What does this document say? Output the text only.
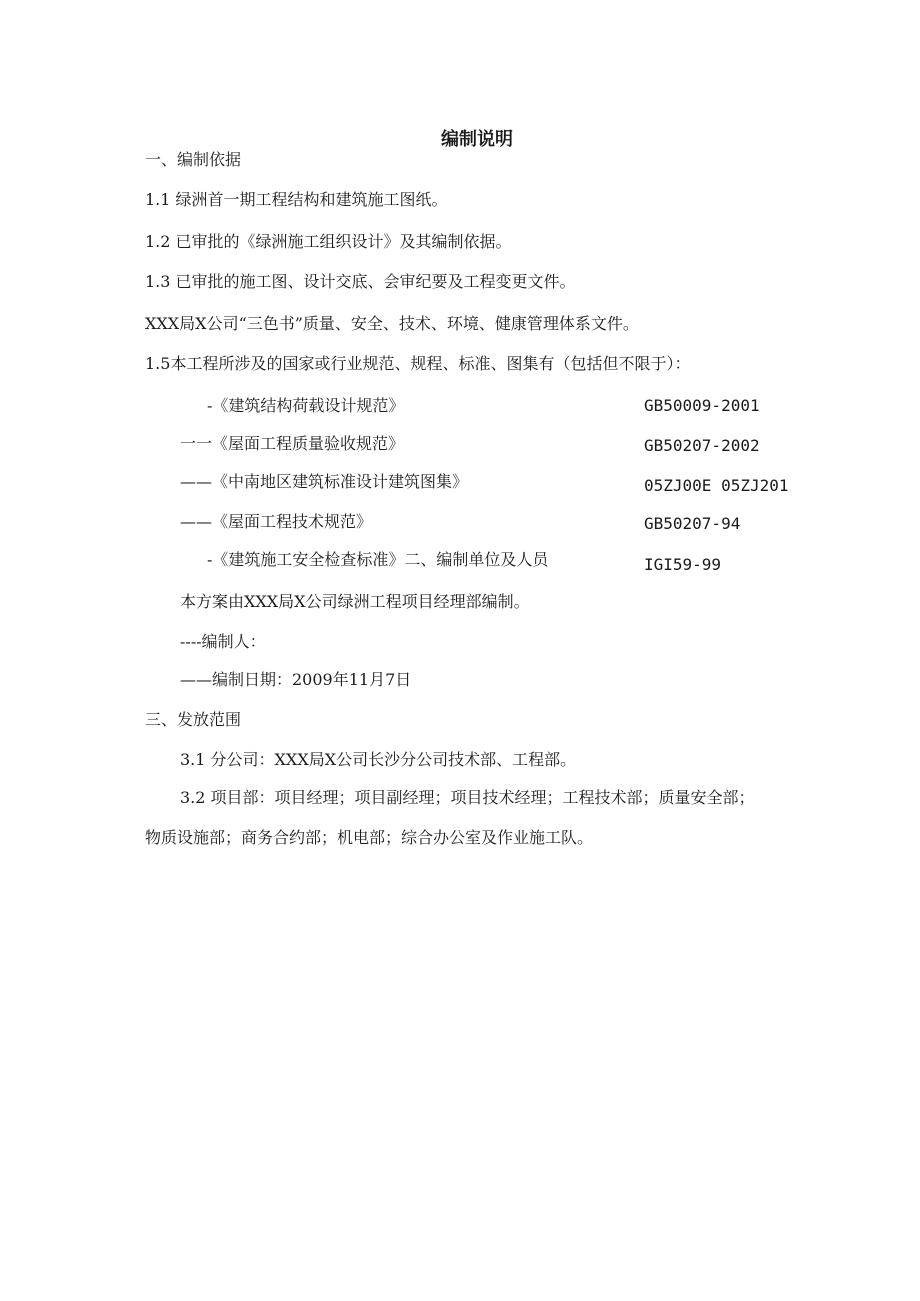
编制说明
一、编制依据
1.1 绿洲首一期工程结构和建筑施工图纸。
1.2 已审批的《绿洲施工组织设计》及其编制依据。
1.3 已审批的施工图、设计交底、会审纪要及工程变更文件。
XXX局X公司“三色书”质量、安全、技术、环境、健康管理体系文件。
1.5本工程所涉及的国家或行业规范、规程、标准、图集有（包括但不限于）：
-《建筑结构荷载设计规范》	GB50009-2001
一一《屋面工程质量验收规范》	GB50207-2002
——《中南地区建筑标准设计建筑图集》	05ZJ00E 05ZJ201
——《屋面工程技术规范》	GB50207-94
-《建筑施工安全检查标准》二、编制单位及人员	IGI59-99
本方案由XXX局X公司绿洲工程项目经理部编制。
----编制人：
——编制日期：2009年11月7日
三、发放范围
3.1 分公司：XXX局X公司长沙分公司技术部、工程部。
3.2 项目部：项目经理；项目副经理；项目技术经理；工程技术部；质量安全部；
物质设施部；商务合约部；机电部；综合办公室及作业施工队。
